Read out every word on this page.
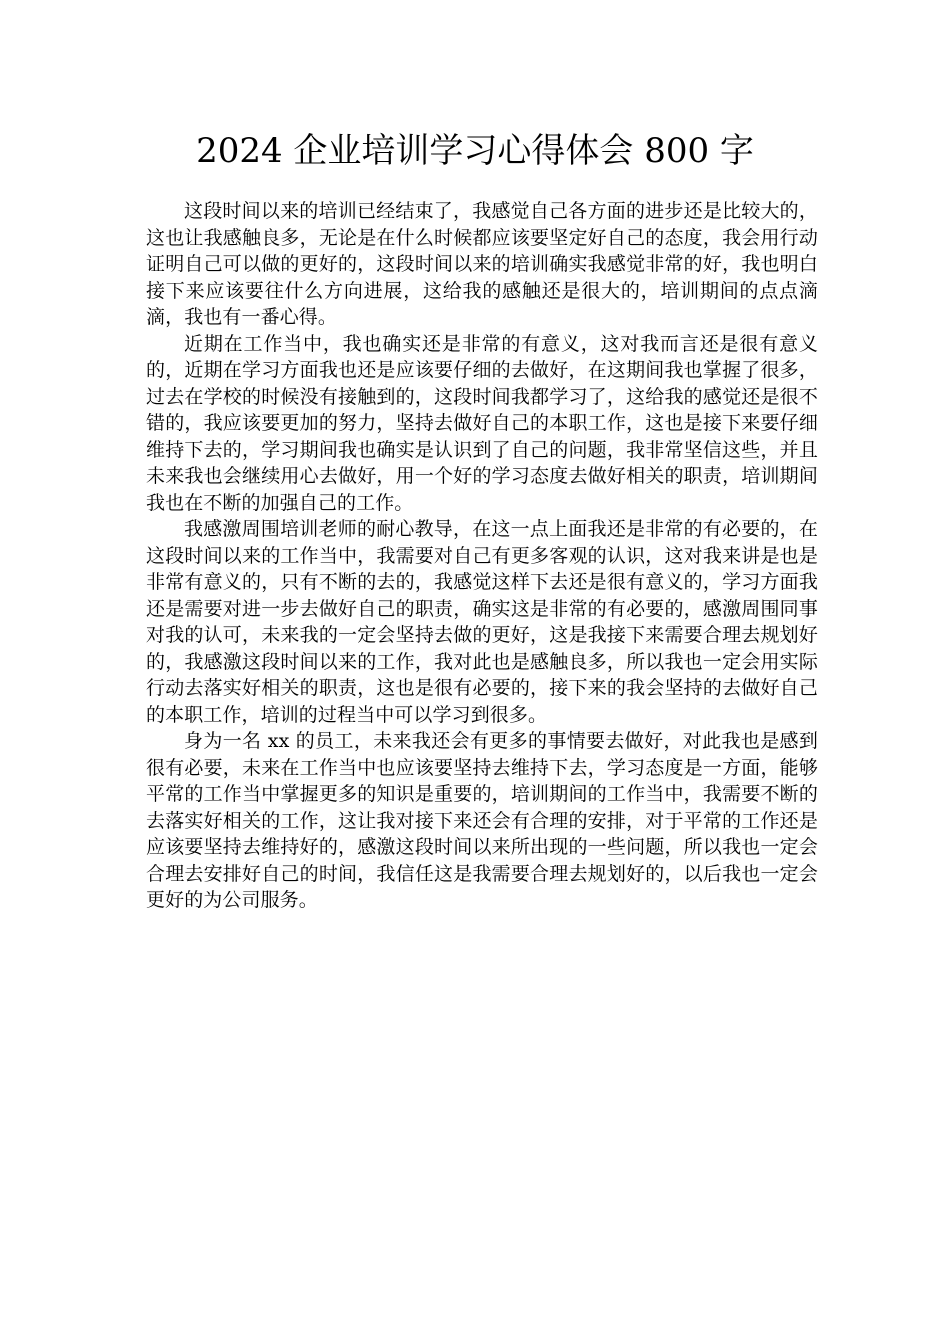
2024 企业培训学习心得体会 800 字

这段时间以来的培训已经结束了，我感觉自己各方面的进步还是比较大的，这也让我感触良多，无论是在什么时候都应该要坚定好自己的态度，我会用行动证明自己可以做的更好的，这段时间以来的培训确实我感觉非常的好，我也明白接下来应该要往什么方向进展，这给我的感触还是很大的，培训期间的点点滴滴，我也有一番心得。

近期在工作当中，我也确实还是非常的有意义，这对我而言还是很有意义的，近期在学习方面我也还是应该要仔细的去做好，在这期间我也掌握了很多，过去在学校的时候没有接触到的，这段时间我都学习了，这给我的感觉还是很不错的，我应该要更加的努力，坚持去做好自己的本职工作，这也是接下来要仔细维持下去的，学习期间我也确实是认识到了自己的问题，我非常坚信这些，并且未来我也会继续用心去做好，用一个好的学习态度去做好相关的职责，培训期间我也在不断的加强自己的工作。

我感激周围培训老师的耐心教导，在这一点上面我还是非常的有必要的，在这段时间以来的工作当中，我需要对自己有更多客观的认识，这对我来讲是也是非常有意义的，只有不断的去的，我感觉这样下去还是很有意义的，学习方面我还是需要对进一步去做好自己的职责，确实这是非常的有必要的，感激周围同事对我的认可，未来我的一定会坚持去做的更好，这是我接下来需要合理去规划好的，我感激这段时间以来的工作，我对此也是感触良多，所以我也一定会用实际行动去落实好相关的职责，这也是很有必要的，接下来的我会坚持的去做好自己的本职工作，培训的过程当中可以学习到很多。

身为一名 xx 的员工，未来我还会有更多的事情要去做好，对此我也是感到很有必要，未来在工作当中也应该要坚持去维持下去，学习态度是一方面，能够平常的工作当中掌握更多的知识是重要的，培训期间的工作当中，我需要不断的去落实好相关的工作，这让我对接下来还会有合理的安排，对于平常的工作还是应该要坚持去维持好的，感激这段时间以来所出现的一些问题，所以我也一定会合理去安排好自己的时间，我信任这是我需要合理去规划好的，以后我也一定会更好的为公司服务。
